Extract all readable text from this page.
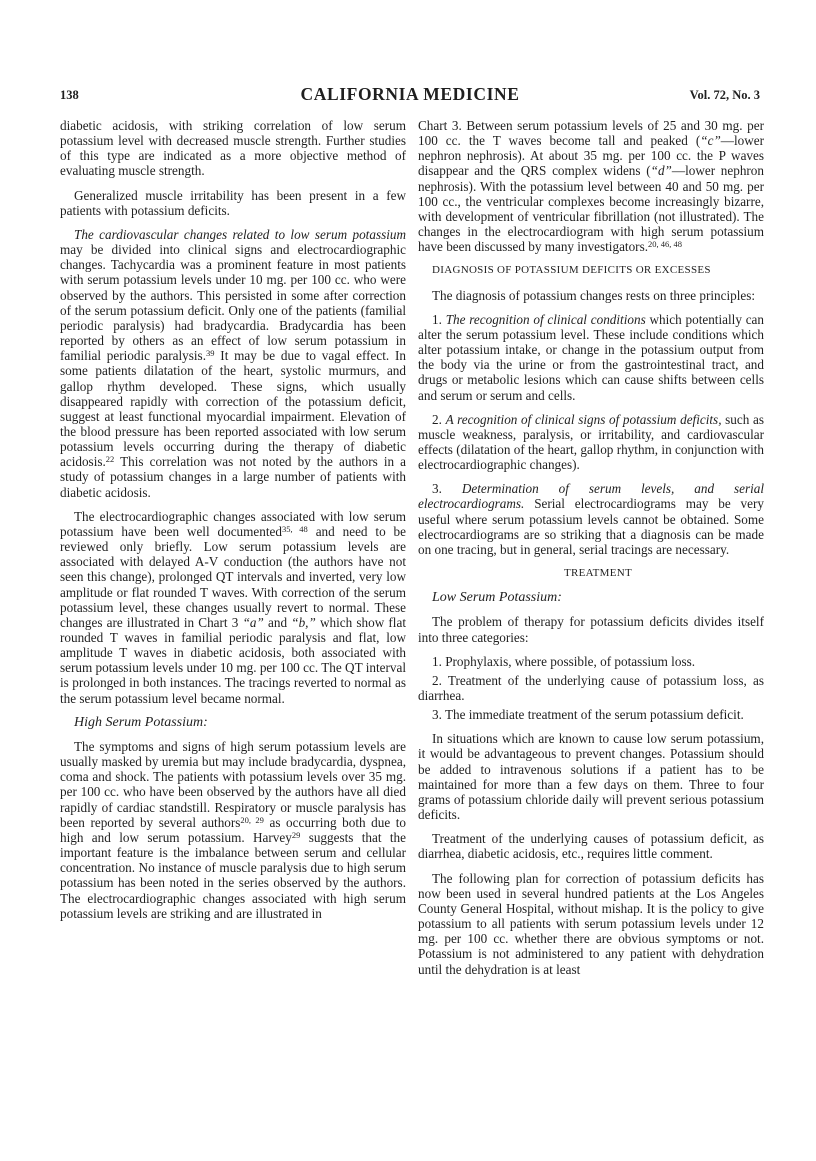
138	CALIFORNIA MEDICINE	Vol. 72, No. 3

diabetic acidosis, with striking correlation of low serum potassium level with decreased muscle strength. Further studies of this type are indicated as a more objective method of evaluating muscle strength.

Generalized muscle irritability has been present in a few patients with potassium deficits.

The cardiovascular changes related to low serum potassium may be divided into clinical signs and electrocardiographic changes. Tachycardia was a prominent feature in most patients with serum potassium levels under 10 mg. per 100 cc. who were observed by the authors. This persisted in some after correction of the serum potassium deficit. Only one of the patients (familial periodic paralysis) had bradycardia. Bradycardia has been reported by others as an effect of low serum potassium in familial periodic paralysis.$^{39}$ It may be due to vagal effect. In some patients dilatation of the heart, systolic murmurs, and gallop rhythm developed. These signs, which usually disappeared rapidly with correction of the potassium deficit, suggest at least functional myocardial impairment. Elevation of the blood pressure has been reported associated with low serum potassium levels occurring during the therapy of diabetic acidosis.$^{22}$ This correlation was not noted by the authors in a study of potassium changes in a large number of patients with diabetic acidosis.

The electrocardiographic changes associated with low serum potassium have been well documented$^{35, 48}$ and need to be reviewed only briefly. Low serum potassium levels are associated with delayed A-V conduction (the authors have not seen this change), prolonged QT intervals and inverted, very low amplitude or flat rounded T waves. With correction of the serum potassium level, these changes usually revert to normal. These changes are illustrated in Chart 3 “a” and “b,” which show flat rounded T waves in familial periodic paralysis and flat, low amplitude T waves in diabetic acidosis, both associated with serum potassium levels under 10 mg. per 100 cc. The QT interval is prolonged in both instances. The tracings reverted to normal as the serum potassium level became normal.

High Serum Potassium:

The symptoms and signs of high serum potassium levels are usually masked by uremia but may include bradycardia, dyspnea, coma and shock. The patients with potassium levels over 35 mg. per 100 cc. who have been observed by the authors have all died rapidly of cardiac standstill. Respiratory or muscle paralysis has been reported by several authors$^{20, 29}$ as occurring both due to high and low serum potassium. Harvey$^{29}$ suggests that the important feature is the imbalance between serum and cellular concentration. No instance of muscle paralysis due to high serum potassium has been noted in the series observed by the authors. The electrocardiographic changes associated with high serum potassium levels are striking and are illustrated in

Chart 3. Between serum potassium levels of 25 and 30 mg. per 100 cc. the T waves become tall and peaked (“c”—lower nephron nephrosis). At about 35 mg. per 100 cc. the P waves disappear and the QRS complex widens (“d”—lower nephron nephrosis). With the potassium level between 40 and 50 mg. per 100 cc., the ventricular complexes become increasingly bizarre, with development of ventricular fibrillation (not illustrated). The changes in the electrocardiogram with high serum potassium have been discussed by many investigators.$^{20, 46, 48}$

DIAGNOSIS OF POTASSIUM DEFICITS OR EXCESSES

The diagnosis of potassium changes rests on three principles:

1. The recognition of clinical conditions which potentially can alter the serum potassium level. These include conditions which alter potassium intake, or change in the potassium output from the body via the urine or from the gastrointestinal tract, and drugs or metabolic lesions which can cause shifts between cells and serum or serum and cells.

2. A recognition of clinical signs of potassium deficits, such as muscle weakness, paralysis, or irritability, and cardiovascular effects (dilatation of the heart, gallop rhythm, in conjunction with electrocardiographic changes).

3. Determination of serum levels, and serial electrocardiograms. Serial electrocardiograms may be very useful where serum potassium levels cannot be obtained. Some electrocardiograms are so striking that a diagnosis can be made on one tracing, but in general, serial tracings are necessary.

TREATMENT

Low Serum Potassium:

The problem of therapy for potassium deficits divides itself into three categories:

1. Prophylaxis, where possible, of potassium loss.

2. Treatment of the underlying cause of potassium loss, as diarrhea.

3. The immediate treatment of the serum potassium deficit.

In situations which are known to cause low serum potassium, it would be advantageous to prevent changes. Potassium should be added to intravenous solutions if a patient has to be maintained for more than a few days on them. Three to four grams of potassium chloride daily will prevent serious potassium deficits.

Treatment of the underlying causes of potassium deficit, as diarrhea, diabetic acidosis, etc., requires little comment.

The following plan for correction of potassium deficits has now been used in several hundred patients at the Los Angeles County General Hospital, without mishap. It is the policy to give potassium to all patients with serum potassium levels under 12 mg. per 100 cc. whether there are obvious symptoms or not. Potassium is not administered to any patient with dehydration until the dehydration is at least
